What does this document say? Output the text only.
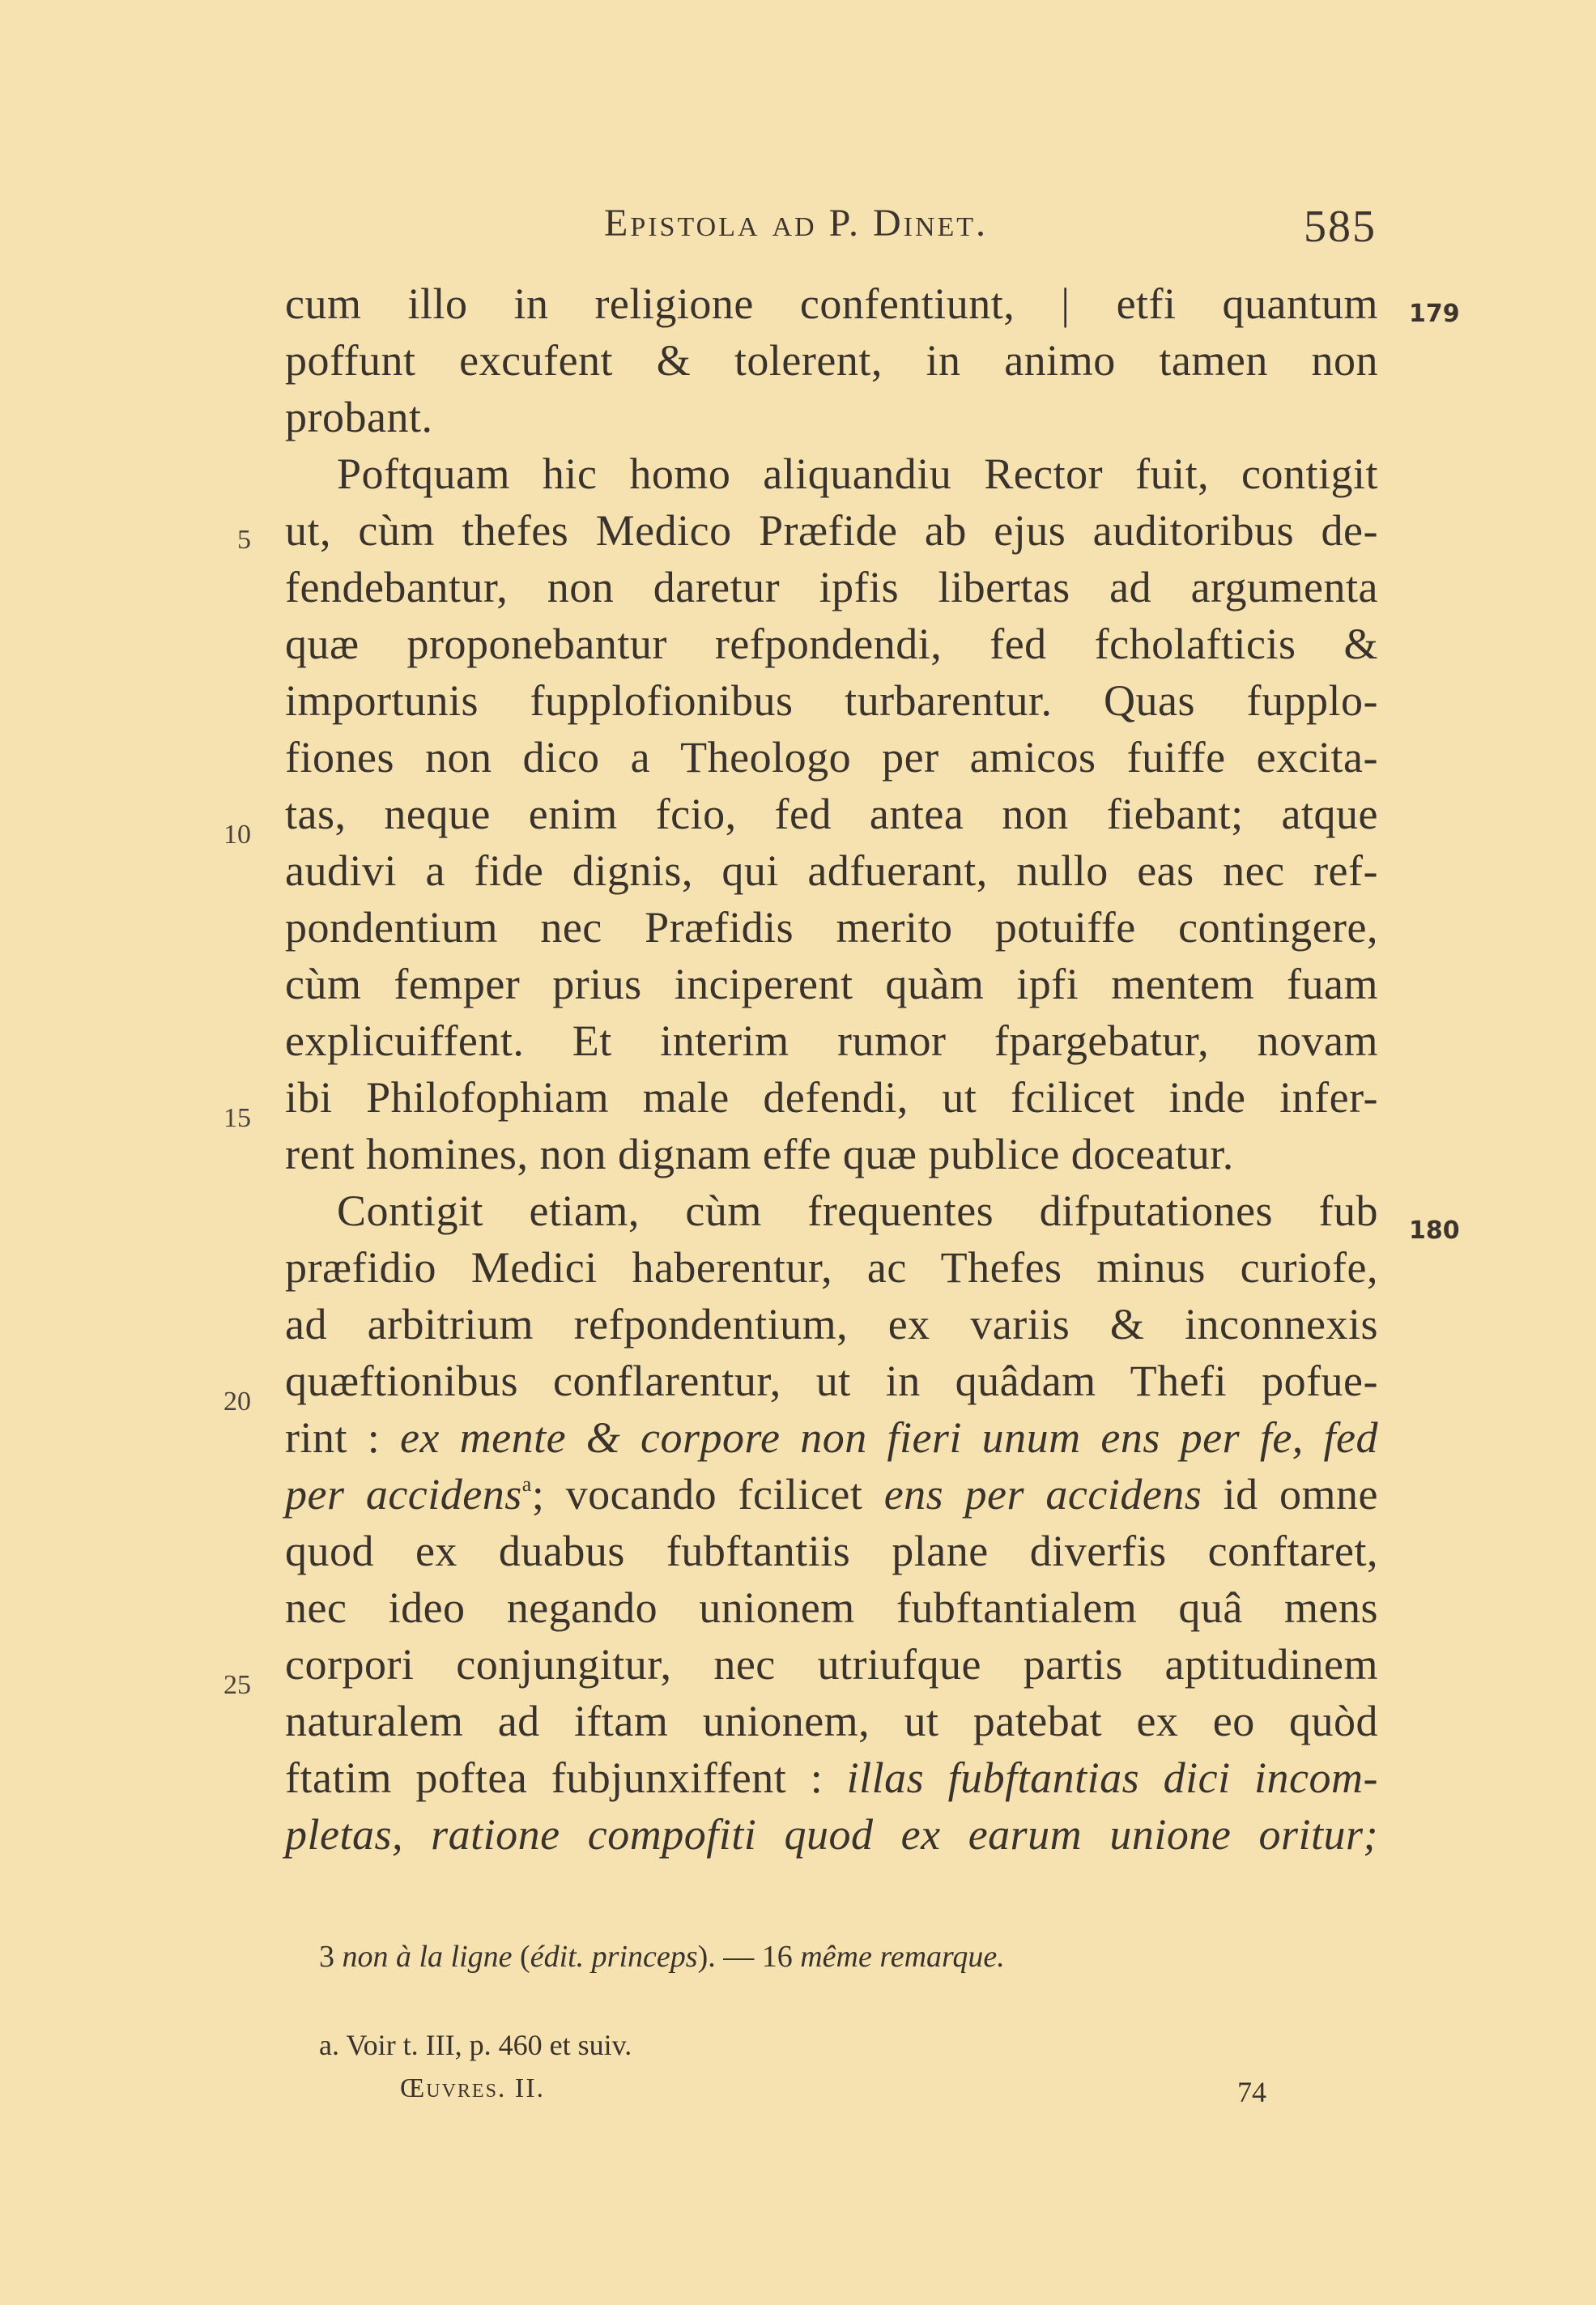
Epistola ad P. Dinet.	585
cum illo in religione confentiunt, | etfi quantum
poffunt excufent & tolerent, in animo tamen non
probant.
Poftquam hic homo aliquandiu Rector fuit, contigit
ut, cùm thefes Medico Præfide ab ejus auditoribus de-
fendebantur, non daretur ipfis libertas ad argumenta
quæ proponebantur refpondendi, fed fcholafticis &
importunis fupplofionibus turbarentur. Quas fupplo-
fiones non dico a Theologo per amicos fuiffe excita-
tas, neque enim fcio, fed antea non fiebant; atque
audivi a fide dignis, qui adfuerant, nullo eas nec ref-
pondentium nec Præfidis merito potuiffe contingere,
cùm femper prius inciperent quàm ipfi mentem fuam
explicuiffent. Et interim rumor fpargebatur, novam
ibi Philofophiam male defendi, ut fcilicet inde infer-
rent homines, non dignam effe quæ publice doceatur.
Contigit etiam, cùm frequentes difputationes fub
præfidio Medici haberentur, ac Thefes minus curiofe,
ad arbitrium refpondentium, ex variis & inconnexis
quæftionibus conflarentur, ut in quâdam Thefi pofue-
rint : ex mente & corpore non fieri unum ens per fe, fed
per accidens$^a$; vocando fcilicet ens per accidens id omne
quod ex duabus fubftantiis plane diverfis conftaret,
nec ideo negando unionem fubftantialem quâ mens
corpori conjungitur, nec utriufque partis aptitudinem
naturalem ad iftam unionem, ut patebat ex eo quòd
ftatim poftea fubjunxiffent : illas fubftantias dici incom-
pletas, ratione compofiti quod ex earum unione oritur;
5
10
15
20
25
179
180
3 non à la ligne (édit. princeps). — 16 même remarque.
a. Voir t. III, p. 460 et suiv.
Œuvres. II.	74
